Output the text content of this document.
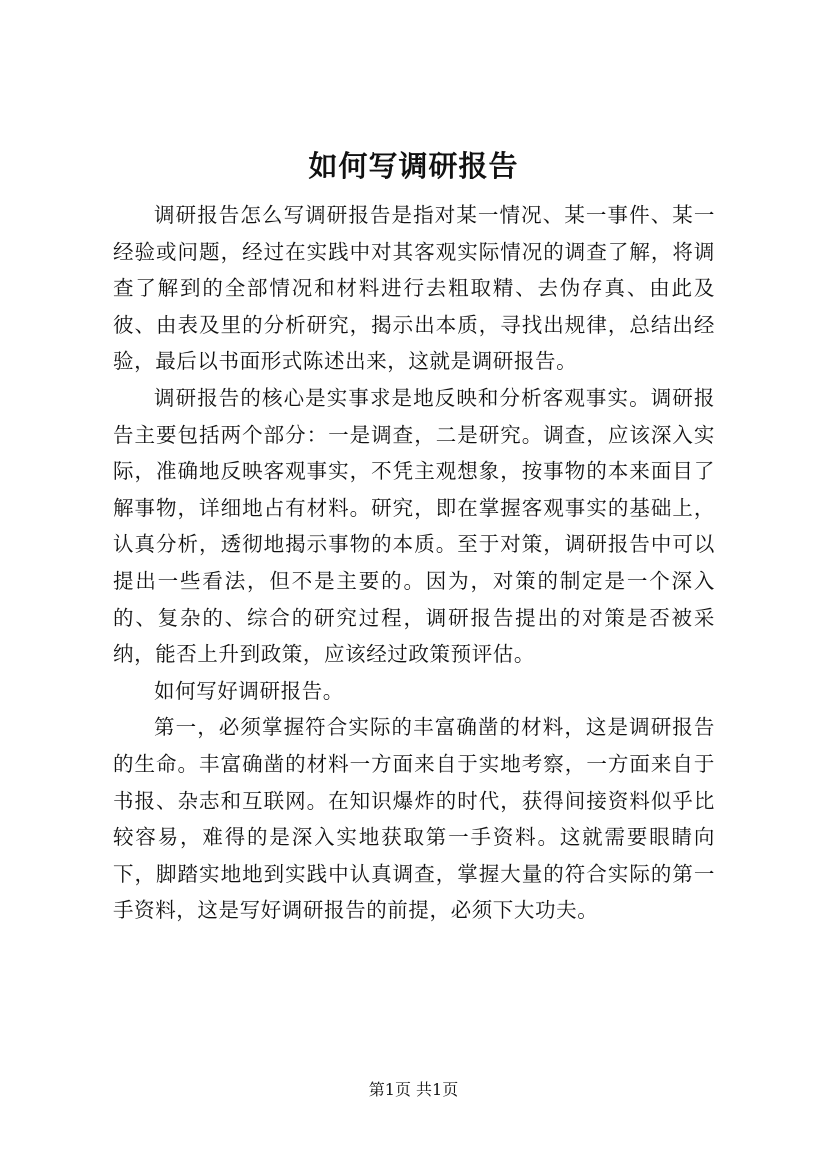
如何写调研报告

调研报告怎么写调研报告是指对某一情况、某一事件、某一经验或问题，经过在实践中对其客观实际情况的调查了解，将调查了解到的全部情况和材料进行去粗取精、去伪存真、由此及彼、由表及里的分析研究，揭示出本质，寻找出规律，总结出经验，最后以书面形式陈述出来，这就是调研报告。

调研报告的核心是实事求是地反映和分析客观事实。调研报告主要包括两个部分：一是调查，二是研究。调查，应该深入实际，准确地反映客观事实，不凭主观想象，按事物的本来面目了解事物，详细地占有材料。研究，即在掌握客观事实的基础上，认真分析，透彻地揭示事物的本质。至于对策，调研报告中可以提出一些看法，但不是主要的。因为，对策的制定是一个深入的、复杂的、综合的研究过程，调研报告提出的对策是否被采纳，能否上升到政策，应该经过政策预评估。

如何写好调研报告。

第一，必须掌握符合实际的丰富确凿的材料，这是调研报告的生命。丰富确凿的材料一方面来自于实地考察，一方面来自于书报、杂志和互联网。在知识爆炸的时代，获得间接资料似乎比较容易，难得的是深入实地获取第一手资料。这就需要眼睛向下，脚踏实地地到实践中认真调查，掌握大量的符合实际的第一手资料，这是写好调研报告的前提，必须下大功夫。

第1页 共1页
